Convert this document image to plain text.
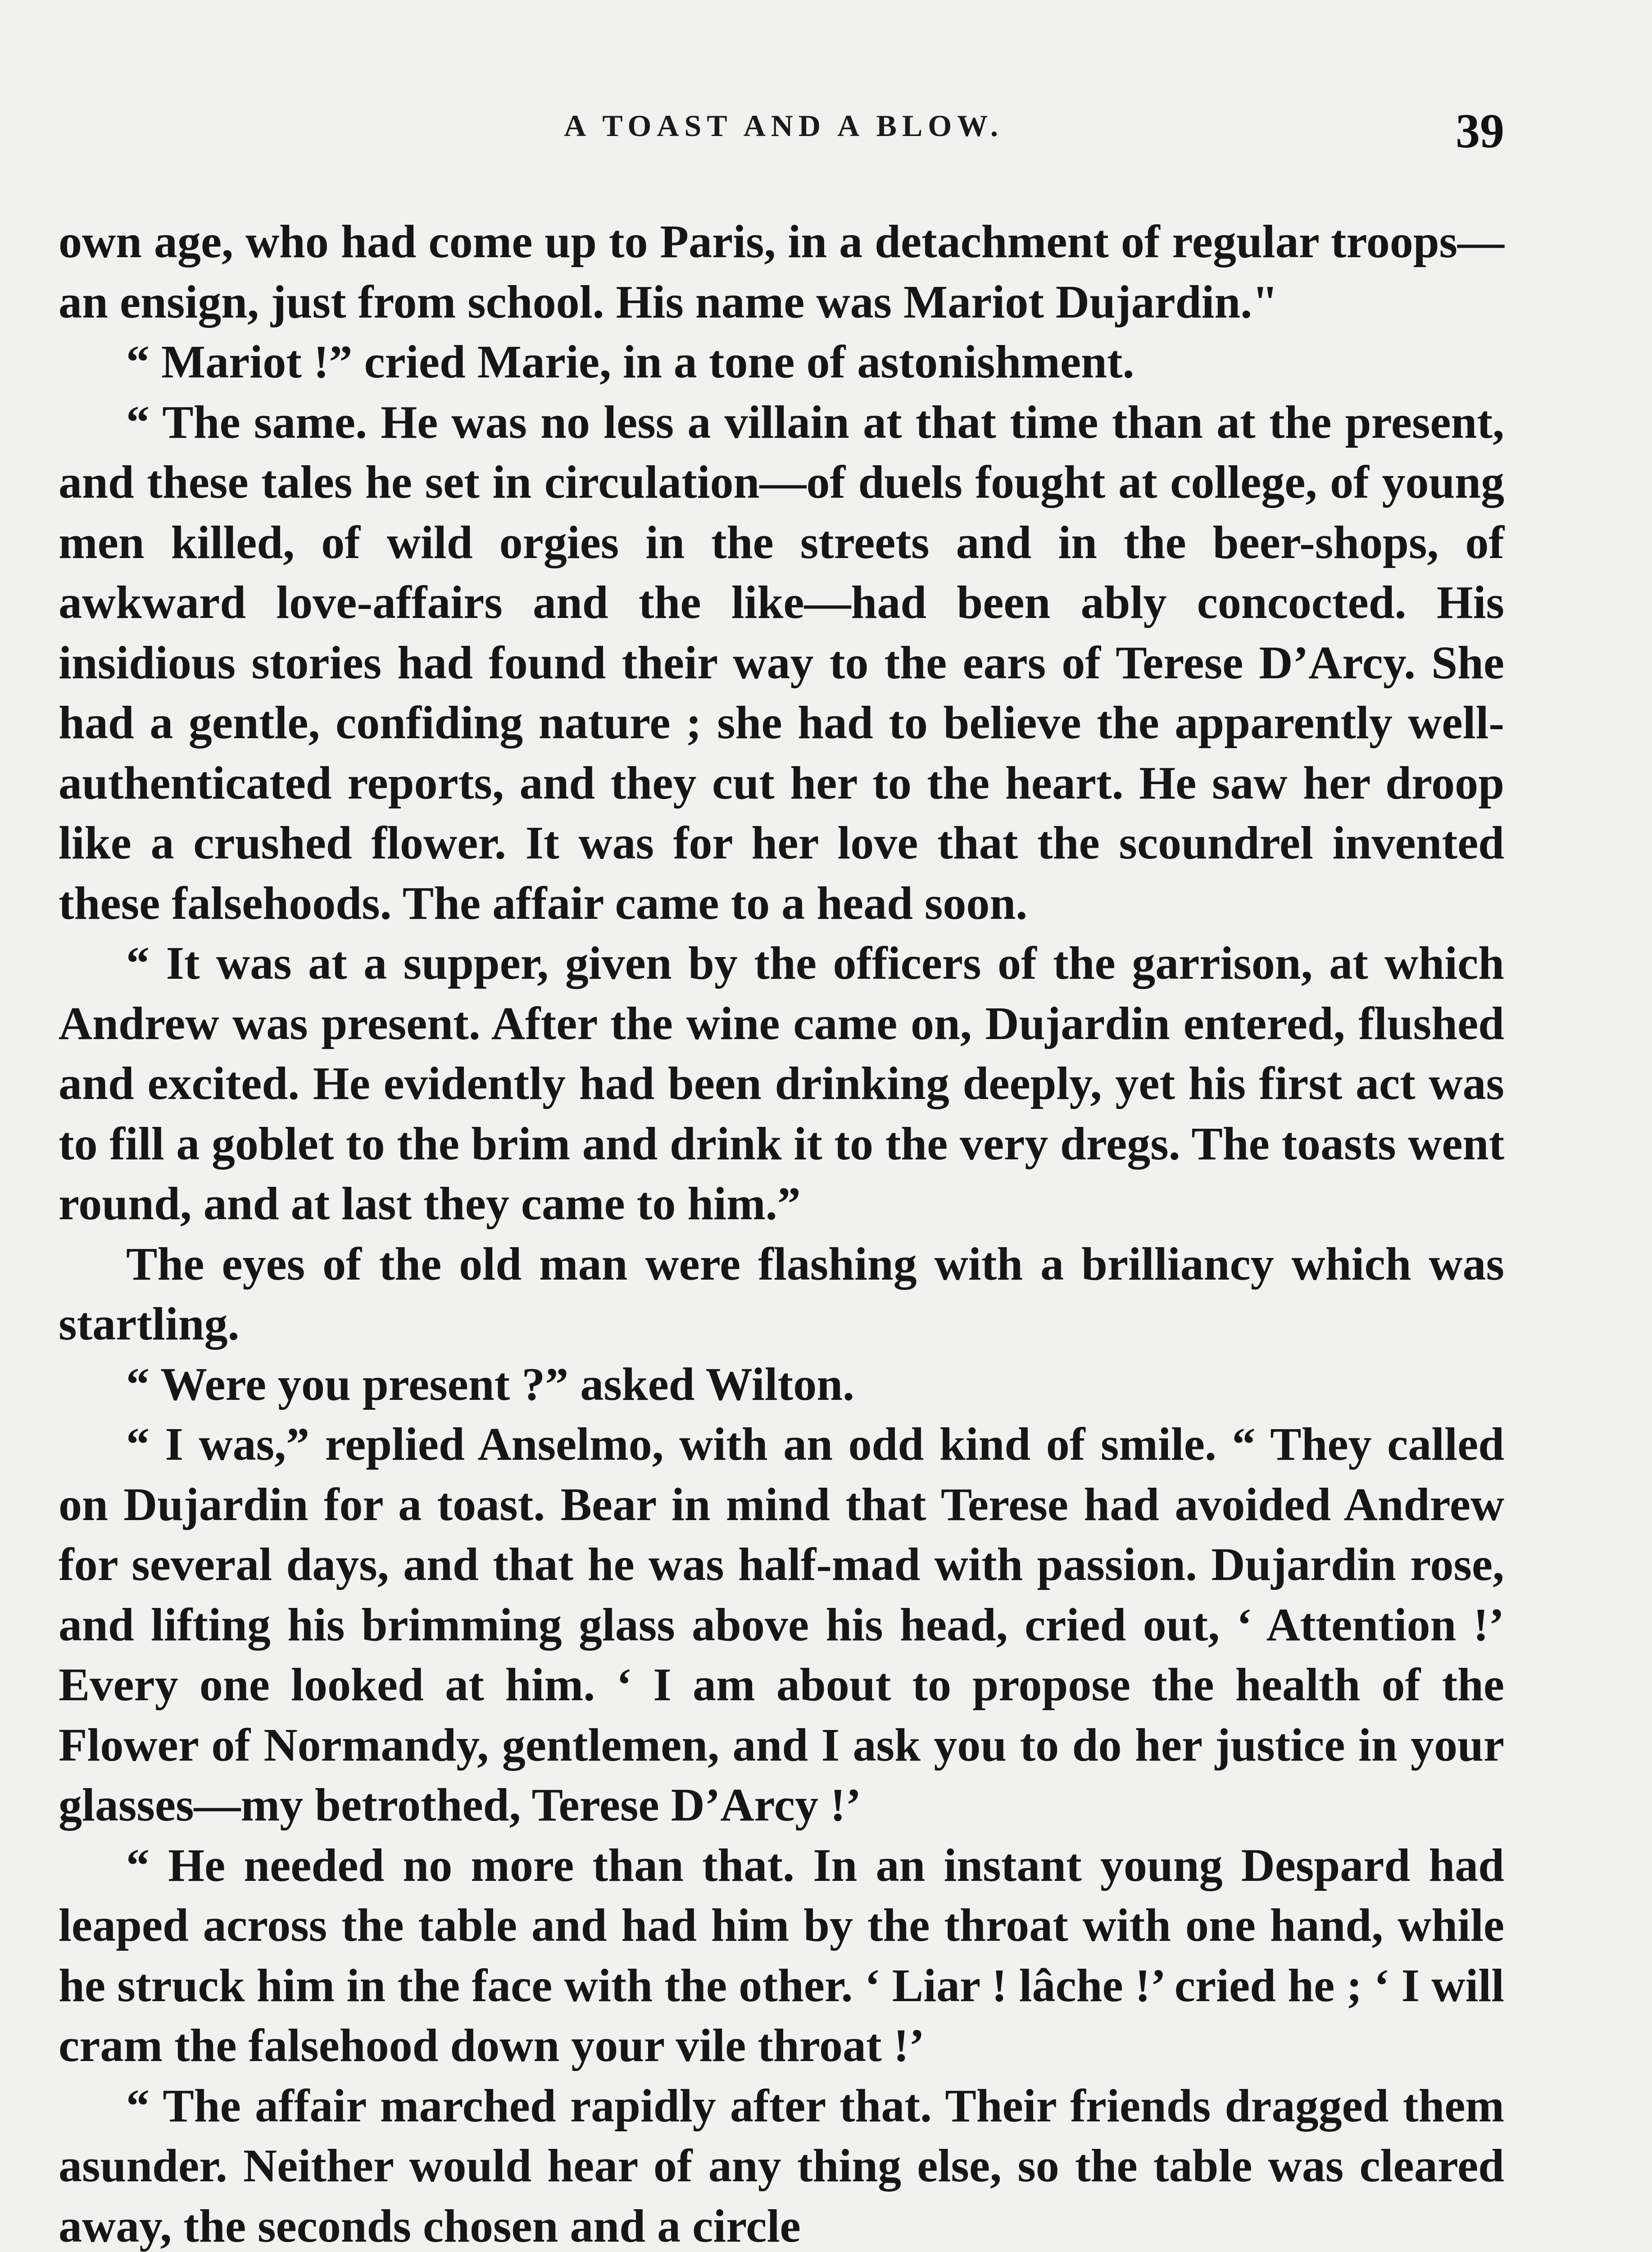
A TOAST AND A BLOW.	39

own age, who had come up to Paris, in a detachment of regular troops—an ensign, just from school. His name was Mariot Dujardin."

“ Mariot !” cried Marie, in a tone of astonishment.

“ The same. He was no less a villain at that time than at the present, and these tales he set in circulation—of duels fought at college, of young men killed, of wild orgies in the streets and in the beer-shops, of awkward love-affairs and the like—had been ably concocted. His insidious stories had found their way to the ears of Terese D’Arcy. She had a gentle, confiding nature ; she had to believe the apparently well-authenticated reports, and they cut her to the heart. He saw her droop like a crushed flower. It was for her love that the scoundrel invented these falsehoods. The affair came to a head soon.

“ It was at a supper, given by the officers of the garrison, at which Andrew was present. After the wine came on, Dujardin entered, flushed and excited. He evidently had been drinking deeply, yet his first act was to fill a goblet to the brim and drink it to the very dregs. The toasts went round, and at last they came to him.”

The eyes of the old man were flashing with a brilliancy which was startling.

“ Were you present ?” asked Wilton.

“ I was,” replied Anselmo, with an odd kind of smile. “ They called on Dujardin for a toast. Bear in mind that Terese had avoided Andrew for several days, and that he was half-mad with passion. Dujardin rose, and lifting his brimming glass above his head, cried out, ‘ Attention !’ Every one looked at him. ‘ I am about to propose the health of the Flower of Normandy, gentlemen, and I ask you to do her justice in your glasses—my betrothed, Terese D’Arcy !’

“ He needed no more than that. In an instant young Despard had leaped across the table and had him by the throat with one hand, while he struck him in the face with the other. ‘ Liar ! lâche !’ cried he ; ‘ I will cram the falsehood down your vile throat !’

“ The affair marched rapidly after that. Their friends dragged them asunder. Neither would hear of any thing else, so the table was cleared away, the seconds chosen and a circle
